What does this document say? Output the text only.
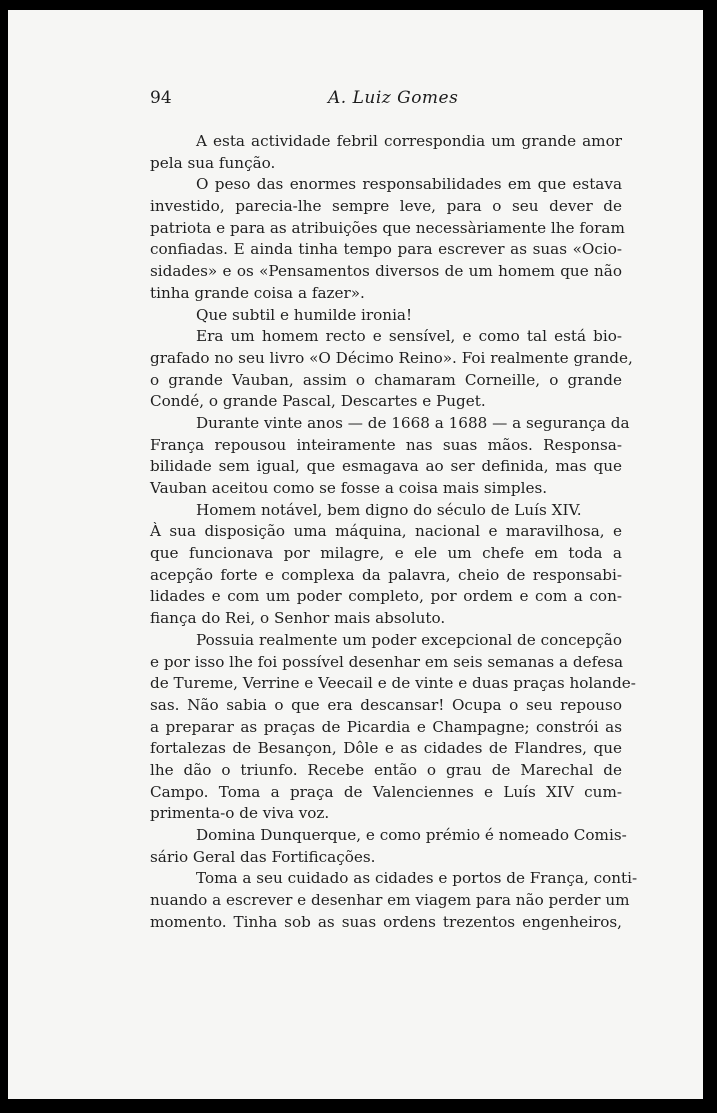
94	A. Luiz Gomes
A esta actividade febril correspondia um grande amor
pela sua função.
O peso das enormes responsabilidades em que estava
investido, parecia-lhe sempre leve, para o seu dever de
patriota e para as atribuições que necessàriamente lhe foram
confiadas. E ainda tinha tempo para escrever as suas «Ocio-
sidades» e os «Pensamentos diversos de um homem que não
tinha grande coisa a fazer».
Que subtil e humilde ironia!
Era um homem recto e sensível, e como tal está bio-
grafado no seu livro «O Décimo Reino». Foi realmente grande,
o grande Vauban, assim o chamaram Corneille, o grande
Condé, o grande Pascal, Descartes e Puget.
Durante vinte anos — de 1668 a 1688 — a segurança da
França repousou inteiramente nas suas mãos. Responsa-
bilidade sem igual, que esmagava ao ser definida, mas que
Vauban aceitou como se fosse a coisa mais simples.
Homem notável, bem digno do século de Luís XIV.
À sua disposição uma máquina, nacional e maravilhosa, e
que funcionava por milagre, e ele um chefe em toda a
acepção forte e complexa da palavra, cheio de responsabi-
lidades e com um poder completo, por ordem e com a con-
fiança do Rei, o Senhor mais absoluto.
Possuia realmente um poder excepcional de concepção
e por isso lhe foi possível desenhar em seis semanas a defesa
de Tureme, Verrine e Veecail e de vinte e duas praças holande-
sas. Não sabia o que era descansar! Ocupa o seu repouso
a preparar as praças de Picardia e Champagne; constrói as
fortalezas de Besançon, Dôle e as cidades de Flandres, que
lhe dão o triunfo. Recebe então o grau de Marechal de
Campo. Toma a praça de Valenciennes e Luís XIV cum-
primenta-o de viva voz.
Domina Dunquerque, e como prémio é nomeado Comis-
sário Geral das Fortificações.
Toma a seu cuidado as cidades e portos de França, conti-
nuando a escrever e desenhar em viagem para não perder um
momento. Tinha sob as suas ordens trezentos engenheiros,
